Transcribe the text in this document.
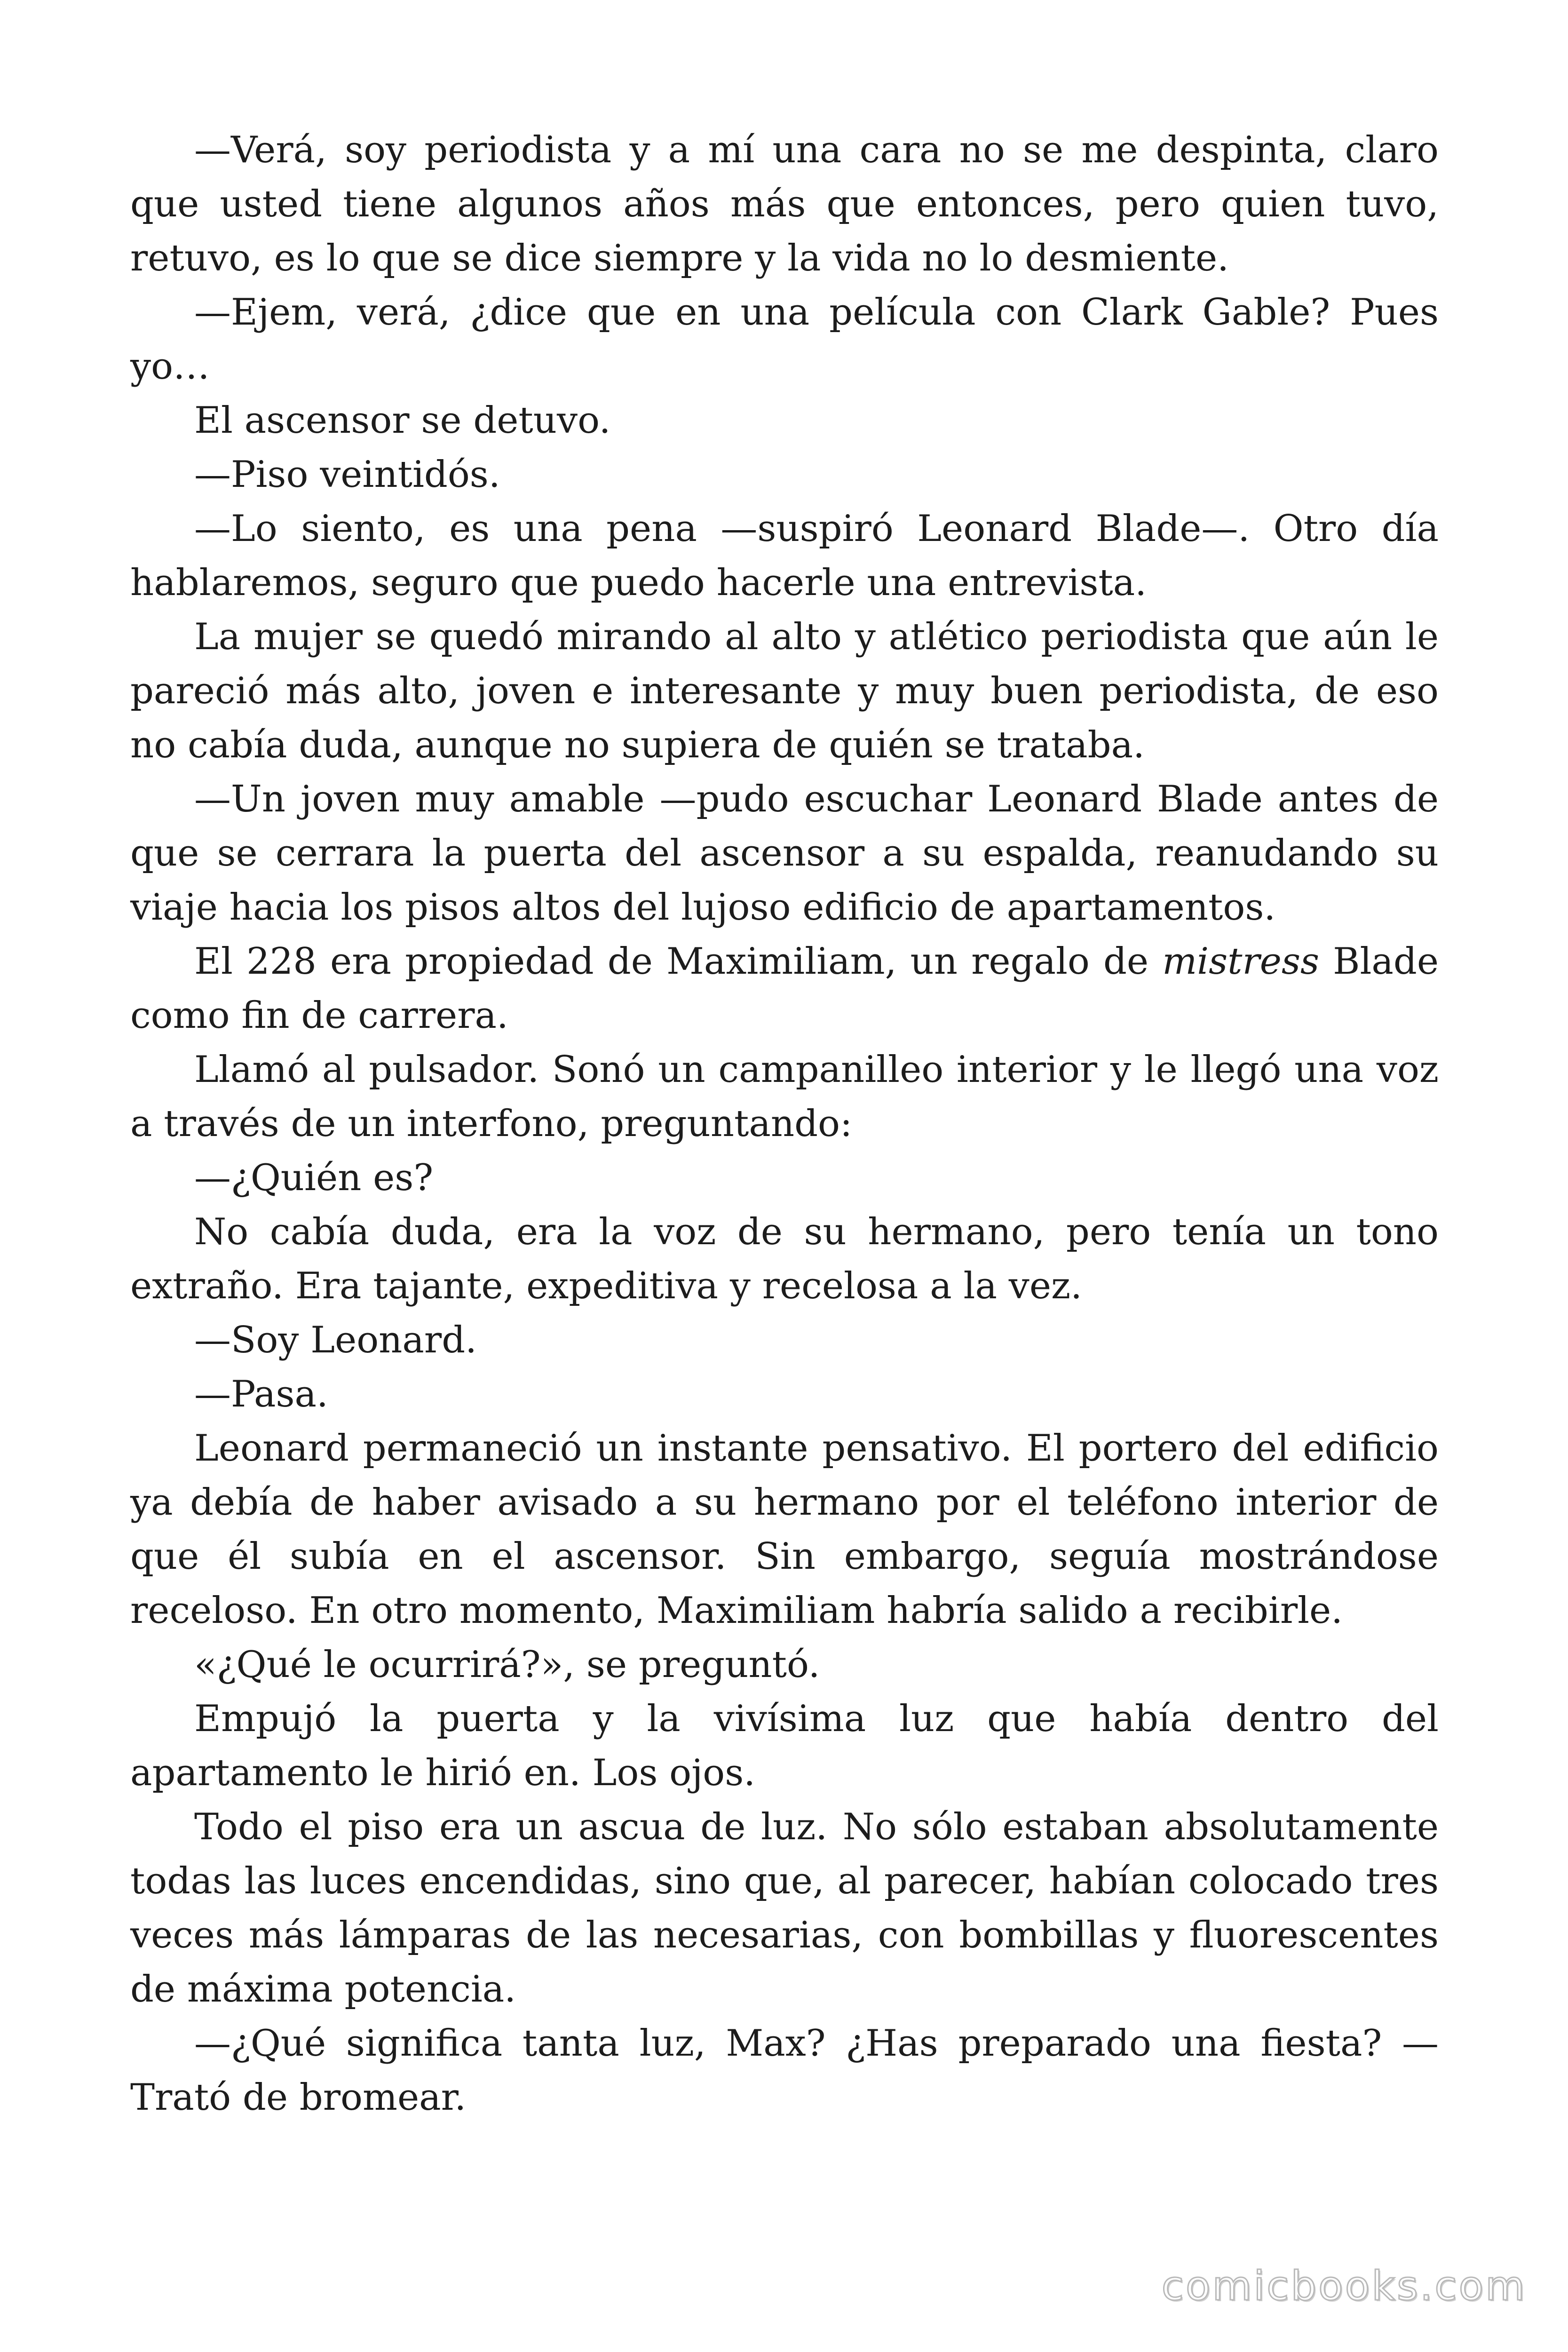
—Verá, soy periodista y a mí una cara no se me despinta, claro que usted tiene algunos años más que entonces, pero quien tuvo, retuvo, es lo que se dice siempre y la vida no lo desmiente.

—Ejem, verá, ¿dice que en una película con Clark Gable? Pues yo…

El ascensor se detuvo.

—Piso veintidós.

—Lo siento, es una pena —suspiró Leonard Blade—. Otro día hablaremos, seguro que puedo hacerle una entrevista.

La mujer se quedó mirando al alto y atlético periodista que aún le pareció más alto, joven e interesante y muy buen periodista, de eso no cabía duda, aunque no supiera de quién se trataba.

—Un joven muy amable —pudo escuchar Leonard Blade antes de que se cerrara la puerta del ascensor a su espalda, reanudando su viaje hacia los pisos altos del lujoso edificio de apartamentos.

El 228 era propiedad de Maximiliam, un regalo de mistress Blade como fin de carrera.

Llamó al pulsador. Sonó un campanilleo interior y le llegó una voz a través de un interfono, preguntando:

—¿Quién es?

No cabía duda, era la voz de su hermano, pero tenía un tono extraño. Era tajante, expeditiva y recelosa a la vez.

—Soy Leonard.

—Pasa.

Leonard permaneció un instante pensativo. El portero del edificio ya debía de haber avisado a su hermano por el teléfono interior de que él subía en el ascensor. Sin embargo, seguía mostrándose receloso. En otro momento, Maximiliam habría salido a recibirle.

«¿Qué le ocurrirá?», se preguntó.

Empujó la puerta y la vivísima luz que había dentro del apartamento le hirió en. Los ojos.

Todo el piso era un ascua de luz. No sólo estaban absolutamente todas las luces encendidas, sino que, al parecer, habían colocado tres veces más lámparas de las necesarias, con bombillas y fluorescentes de máxima potencia.

—¿Qué significa tanta luz, Max? ¿Has preparado una fiesta? —Trató de bromear.

comicbooks.com
